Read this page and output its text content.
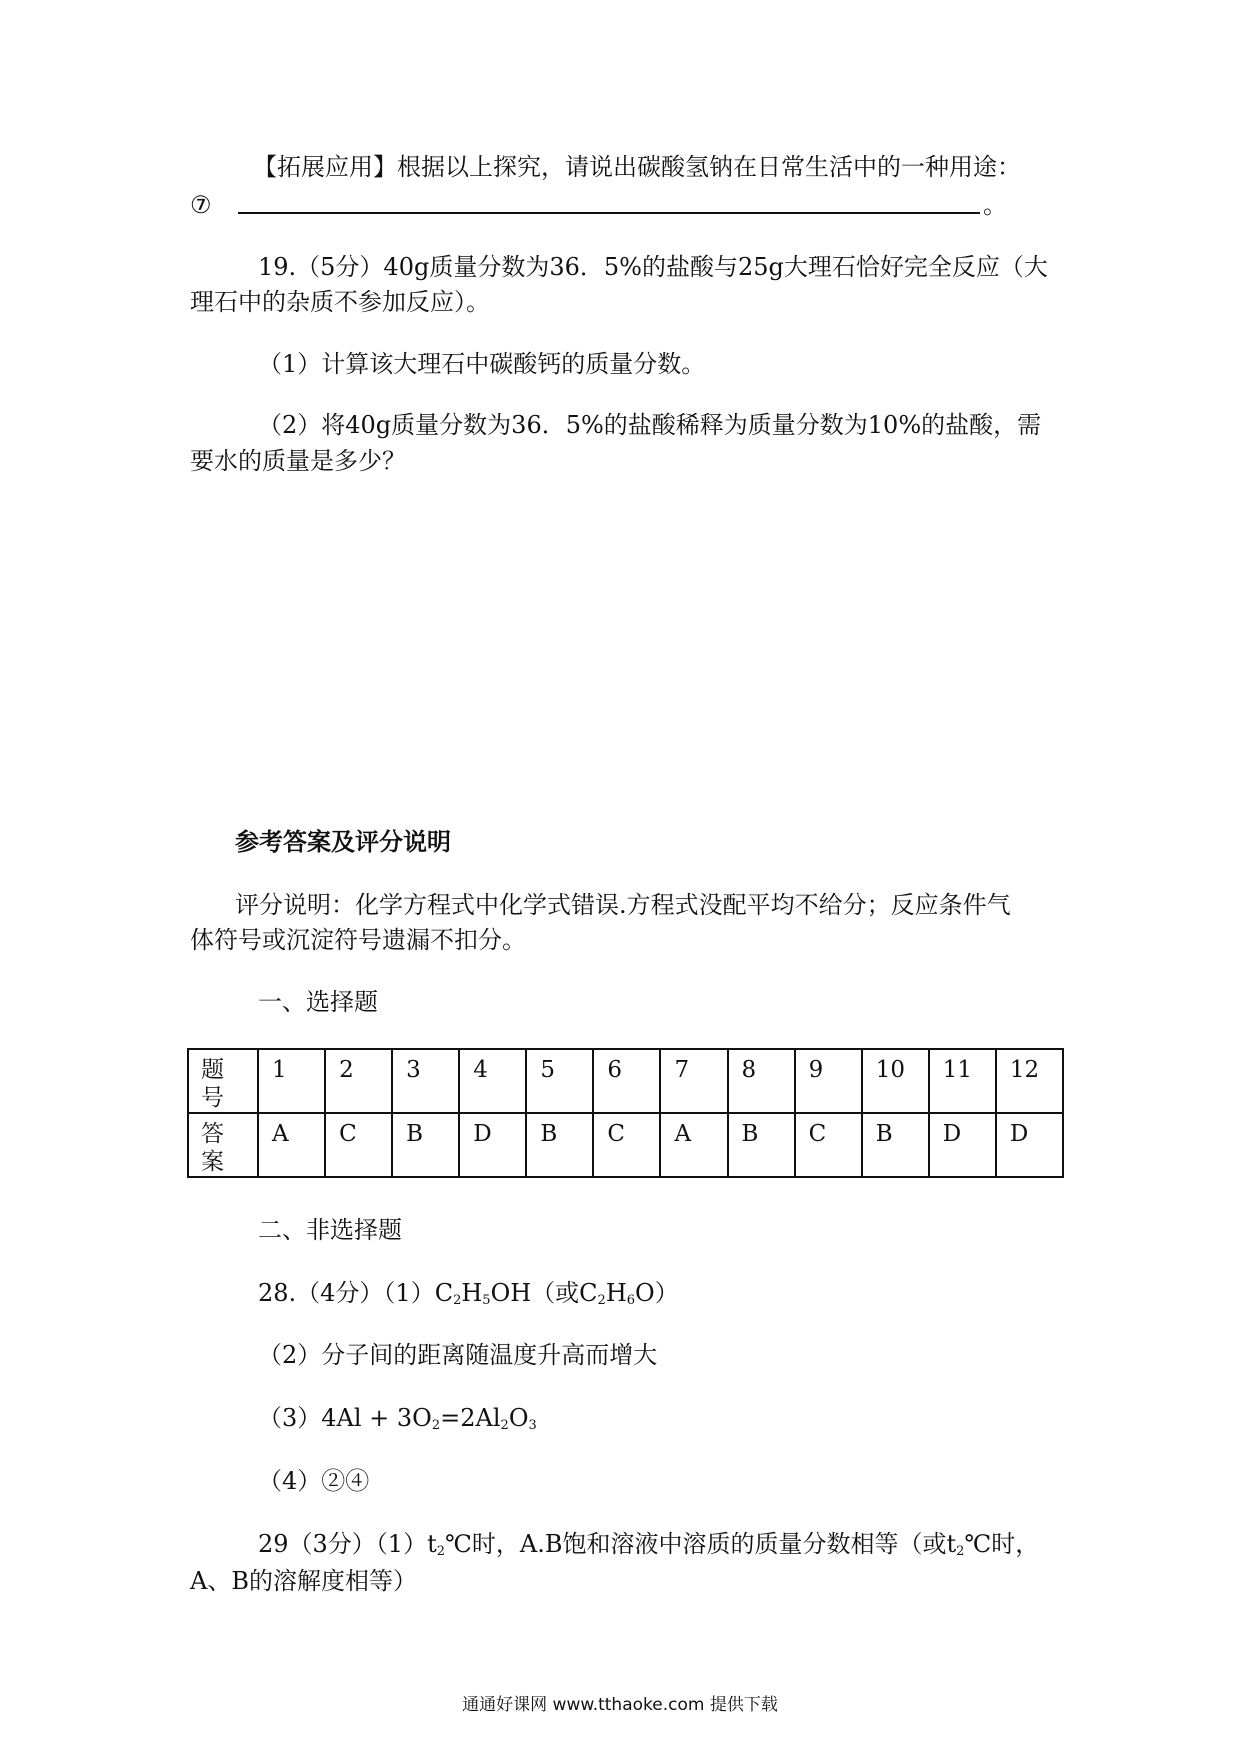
【拓展应用】根据以上探究，请说出碳酸氢钠在日常生活中的一种用途：
⑦	。
19.（5分）40g质量分数为36．5%的盐酸与25g大理石恰好完全反应（大
理石中的杂质不参加反应）。
（1）计算该大理石中碳酸钙的质量分数。
（2）将40g质量分数为36．5%的盐酸稀释为质量分数为10%的盐酸，需
要水的质量是多少？
参考答案及评分说明
评分说明：化学方程式中化学式错误.方程式没配平均不给分；反应条件气
体符号或沉淀符号遗漏不扣分。
一、选择题
题
号	1	2	3	4	5	6	7	8	9	10	11	12

答
案	A	C	B	D	B	C	A	B	C	B	D	D
二、非选择题
28.（4分）$(1)C_2H_5OH$（或$C_2H_6O$）
（2）分子间的距离随温度升高而增大
$(3)4Al + 3O_2=2Al_2O_3$
（4）②④
29（3分）$(1)t_2℃$时，A.B饱和溶液中溶质的质量分数相等（或$t_2℃$时，
A、B的溶解度相等）
通通好课网 www.tthaoke.com 提供下载
